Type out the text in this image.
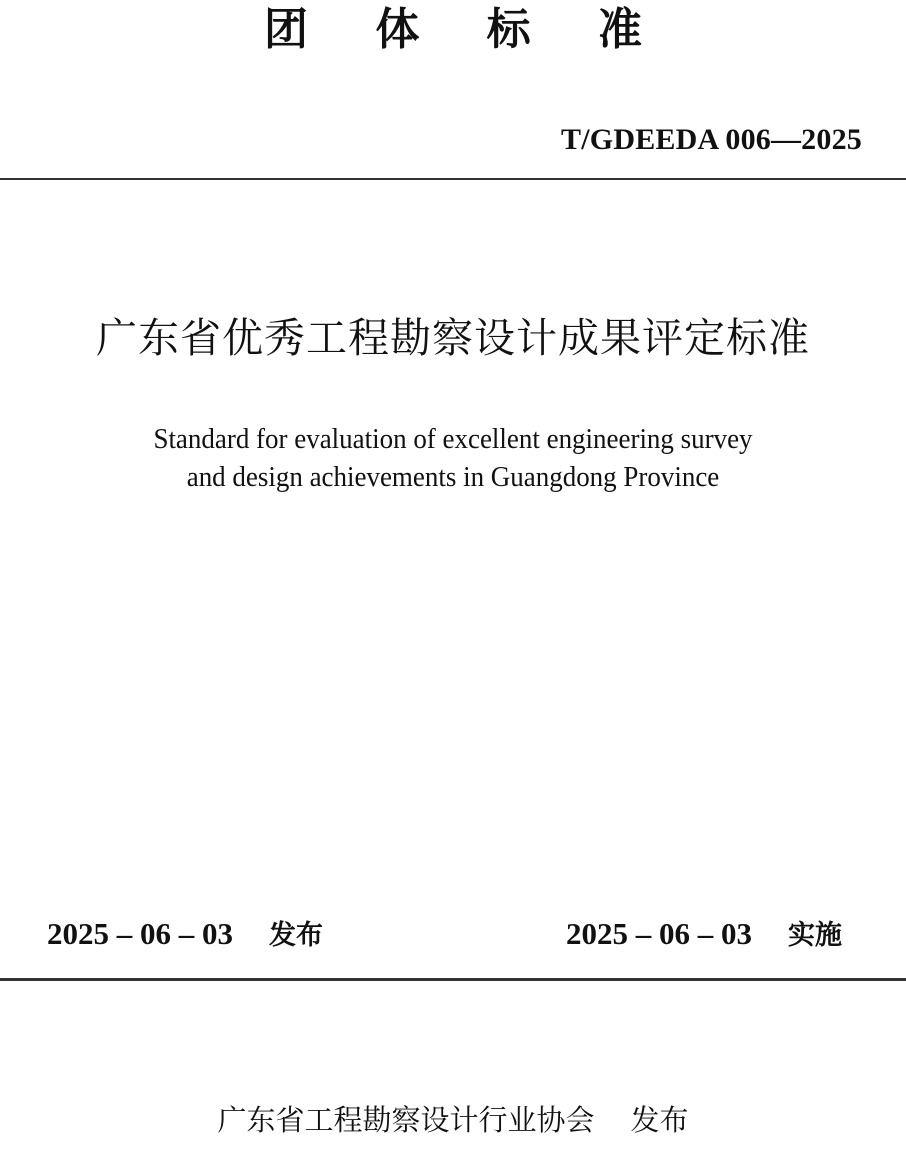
团 体 标 准
T/GDEEDA 006—2025
广东省优秀工程勘察设计成果评定标准
Standard for evaluation of excellent engineering survey
and design achievements in Guangdong Province
2025 – 06 – 03 发布	2025 – 06 – 03 实施
广东省工程勘察设计行业协会 发布
